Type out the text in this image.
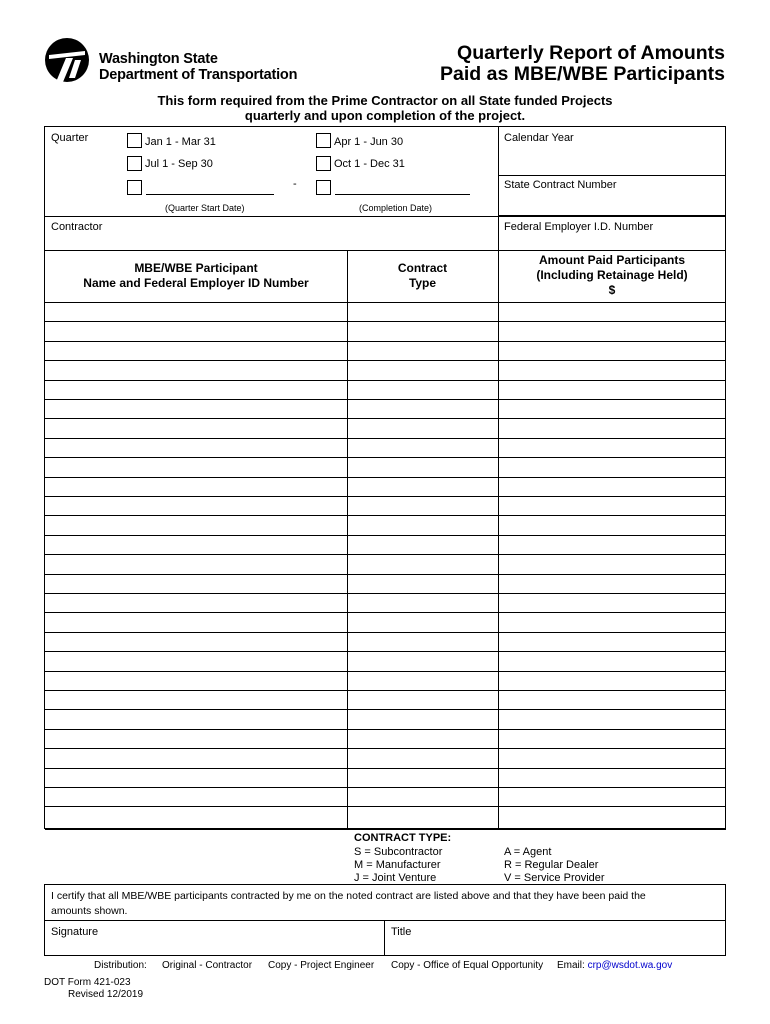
Washington State
Department of Transportation
Quarterly Report of Amounts
Paid as MBE/WBE Participants
This form required from the Prime Contractor on all State funded Projects
quarterly and upon completion of the project.
Quarter	Jan 1 - Mar 31	Apr 1 - Jun 30
Jul 1 - Sep 30	Oct 1 - Dec 31
-
(Quarter Start Date)	(Completion Date)
Calendar Year
State Contract Number
Contractor	Federal Employer I.D. Number
MBE/WBE Participant
Name and Federal Employer ID Number
Contract
Type
Amount Paid Participants
(Including Retainage Held)
$
CONTRACT TYPE:
S = Subcontractor
M = Manufacturer
J = Joint Venture
A = Agent
R = Regular Dealer
V = Service Provider
I certify that all MBE/WBE participants contracted by me on the noted contract are listed above and that they have been paid the
amounts shown.
Signature	Title
Distribution: Original - Contractor Copy - Project Engineer Copy - Office of Equal Opportunity Email: crp@wsdot.wa.gov
DOT Form 421-023
Revised 12/2019
